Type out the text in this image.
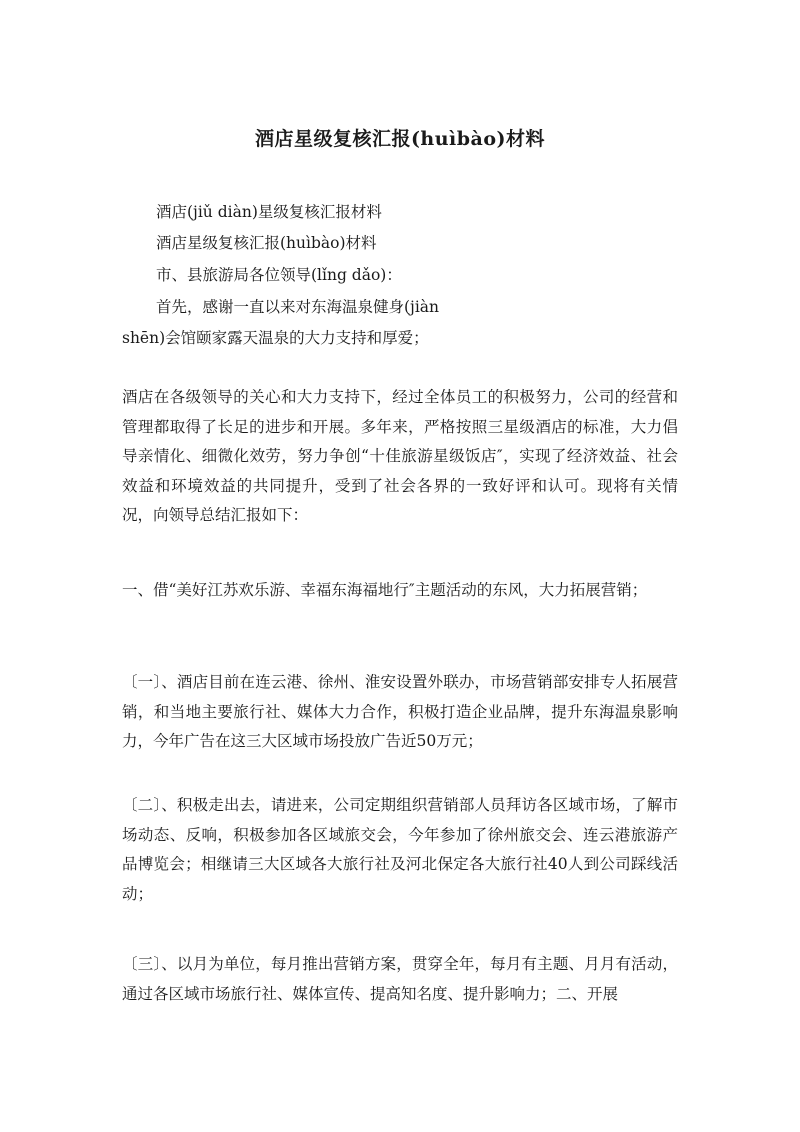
酒店星级复核汇报(huìbào)材料
酒店(jiǔ diàn)星级复核汇报材料
酒店星级复核汇报(huìbào)材料
市、县旅游局各位领导(lǐng dǎo)：
首先，感谢一直以来对东海温泉健身(jiàn
shēn)会馆颐家露天温泉的大力支持和厚爱；
酒店在各级领导的关心和大力支持下，经过全体员工的积极努力，公司的经营和管理都取得了长足的进步和开展。多年来，严格按照三星级酒店的标准，大力倡导亲情化、细微化效劳，努力争创“十佳旅游星级饭店″，实现了经济效益、社会效益和环境效益的共同提升，受到了社会各界的一致好评和认可。现将有关情况，向领导总结汇报如下：
一、借“美好江苏欢乐游、幸福东海福地行″主题活动的东风，大力拓展营销；
〔一〕、酒店目前在连云港、徐州、淮安设置外联办，市场营销部安排专人拓展营销，和当地主要旅行社、媒体大力合作，积极打造企业品牌，提升东海温泉影响力，今年广告在这三大区域市场投放广告近50万元；
〔二〕、积极走出去，请进来，公司定期组织营销部人员拜访各区域市场，了解市场动态、反响，积极参加各区域旅交会，今年参加了徐州旅交会、连云港旅游产品博览会；相继请三大区域各大旅行社及河北保定各大旅行社40人到公司踩线活动；
〔三〕、以月为单位，每月推出营销方案，贯穿全年，每月有主题、月月有活动，通过各区域市场旅行社、媒体宣传、提高知名度、提升影响力；二、开展
